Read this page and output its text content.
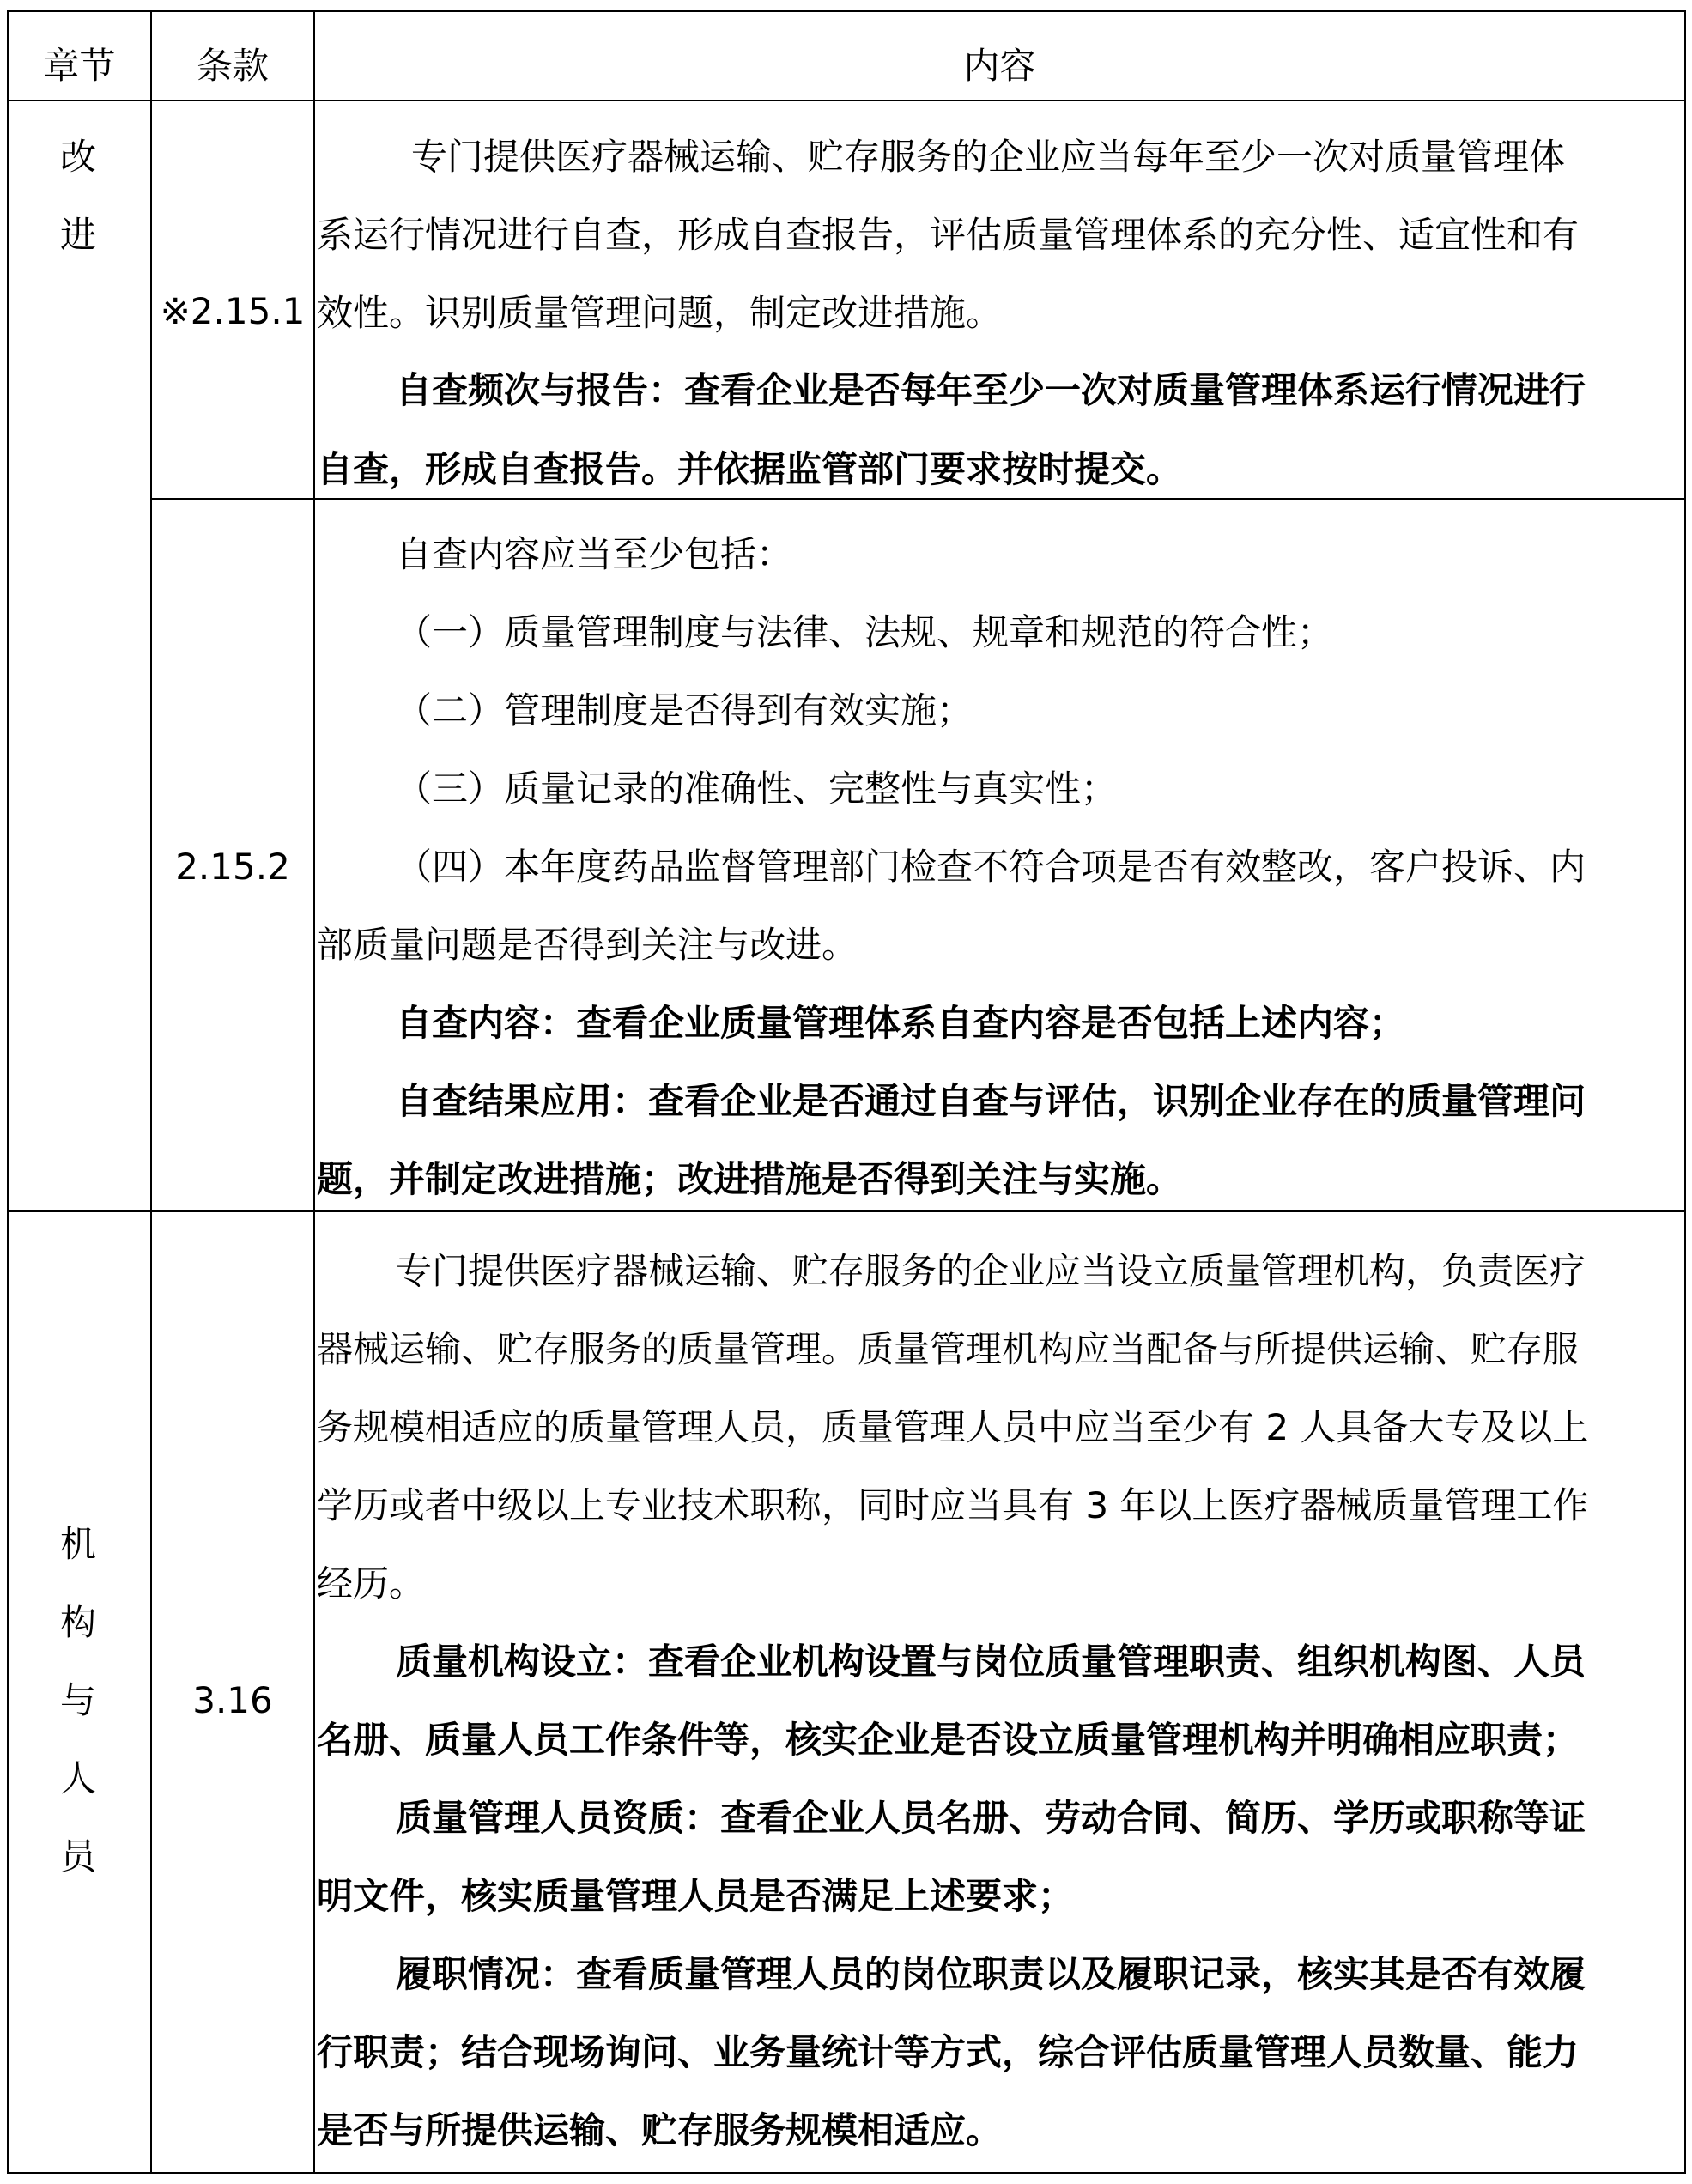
章节	条款	内容
改
进
※2.15.1
专门提供医疗器械运输、贮存服务的企业应当每年至少一次对质量管理体
系运行情况进行自查，形成自查报告，评估质量管理体系的充分性、适宜性和有
效性。识别质量管理问题，制定改进措施。
自查频次与报告：查看企业是否每年至少一次对质量管理体系运行情况进行
自查，形成自查报告。并依据监管部门要求按时提交。
2.15.2
自查内容应当至少包括：
（一）质量管理制度与法律、法规、规章和规范的符合性；
（二）管理制度是否得到有效实施；
（三）质量记录的准确性、完整性与真实性；
（四）本年度药品监督管理部门检查不符合项是否有效整改，客户投诉、内
部质量问题是否得到关注与改进。
自查内容：查看企业质量管理体系自查内容是否包括上述内容；
自查结果应用：查看企业是否通过自查与评估，识别企业存在的质量管理问
题，并制定改进措施；改进措施是否得到关注与实施。
机
构
与
人
员
3.16
专门提供医疗器械运输、贮存服务的企业应当设立质量管理机构，负责医疗
器械运输、贮存服务的质量管理。质量管理机构应当配备与所提供运输、贮存服
务规模相适应的质量管理人员，质量管理人员中应当至少有 2 人具备大专及以上
学历或者中级以上专业技术职称，同时应当具有 3 年以上医疗器械质量管理工作
经历。
质量机构设立：查看企业机构设置与岗位质量管理职责、组织机构图、人员
名册、质量人员工作条件等，核实企业是否设立质量管理机构并明确相应职责；
质量管理人员资质：查看企业人员名册、劳动合同、简历、学历或职称等证
明文件，核实质量管理人员是否满足上述要求；
履职情况：查看质量管理人员的岗位职责以及履职记录，核实其是否有效履
行职责；结合现场询问、业务量统计等方式，综合评估质量管理人员数量、能力
是否与所提供运输、贮存服务规模相适应。
